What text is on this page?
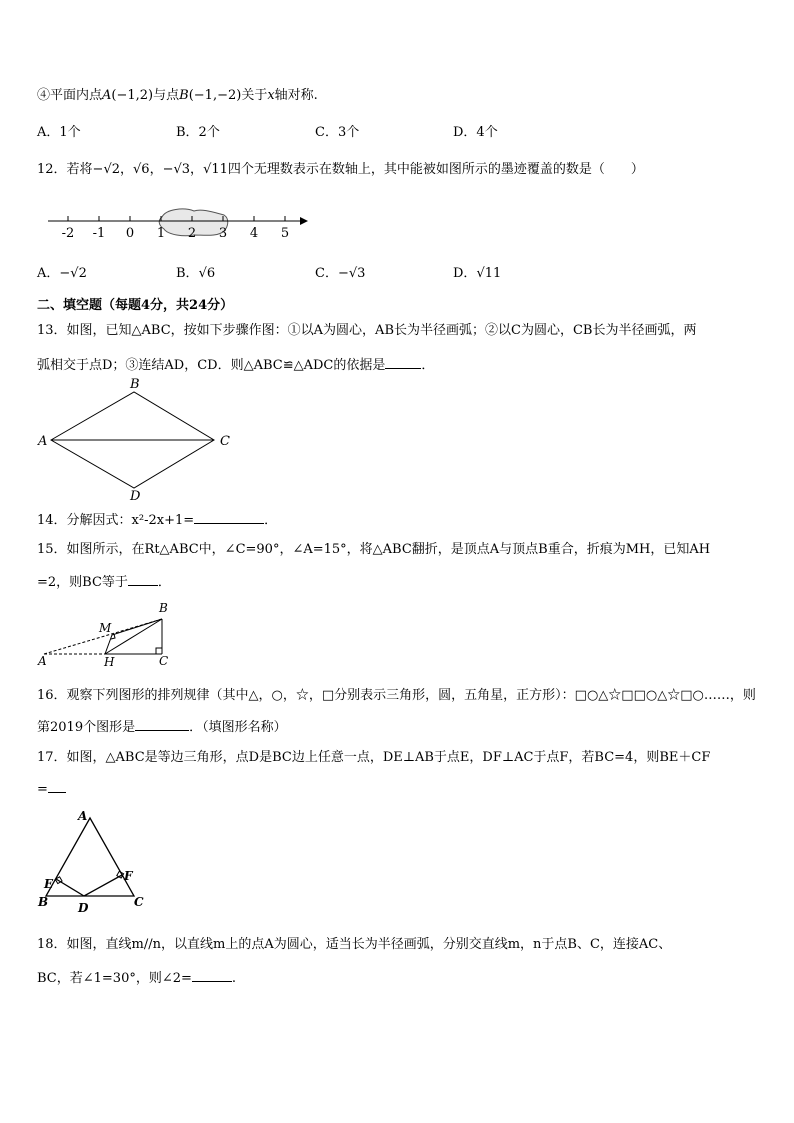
④平面内点A(−1,2)与点B(−1,−2)关于x轴对称.
A．1个	B．2个	C．3个	D．4个
12．若将−√2，√6，−√3，√11四个无理数表示在数轴上，其中能被如图所示的墨迹覆盖的数是（　　）
-2 -1 0 1 2 3 4 5
A．−√2	B．√6	C．−√3	D．√11
二、填空题（每题4分，共24分）
13．如图，已知△ABC，按如下步骤作图：①以A为圆心，AB长为半径画弧；②以C为圆心，CB长为半径画弧，两
弧相交于点D；③连结AD，CD．则△ABC≌△ADC的依据是	．
A
B
C
D
14．分解因式：x²-2x+1=	．
15．如图所示，在Rt△ABC中，∠C=90°，∠A=15°，将△ABC翻折，是顶点A与顶点B重合，折痕为MH，已知AH
=2，则BC等于 ．
A
B
C
M
H
16．观察下列图形的排列规律（其中△，○，☆，□分别表示三角形，圆，五角星，正方形）：□○△☆□□○△☆□○……，则
第2019个图形是	．（填图形名称）
17．如图，△ABC是等边三角形，点D是BC边上任意一点，DE⊥AB于点E，DF⊥AC于点F，若BC=4，则BE＋CF
=
A
B	C
D
E
F
18．如图，直线m//n，以直线m上的点A为圆心，适当长为半径画弧，分别交直线m，n于点B、C，连接AC、
BC，若∠1=30°，则∠2=	.
